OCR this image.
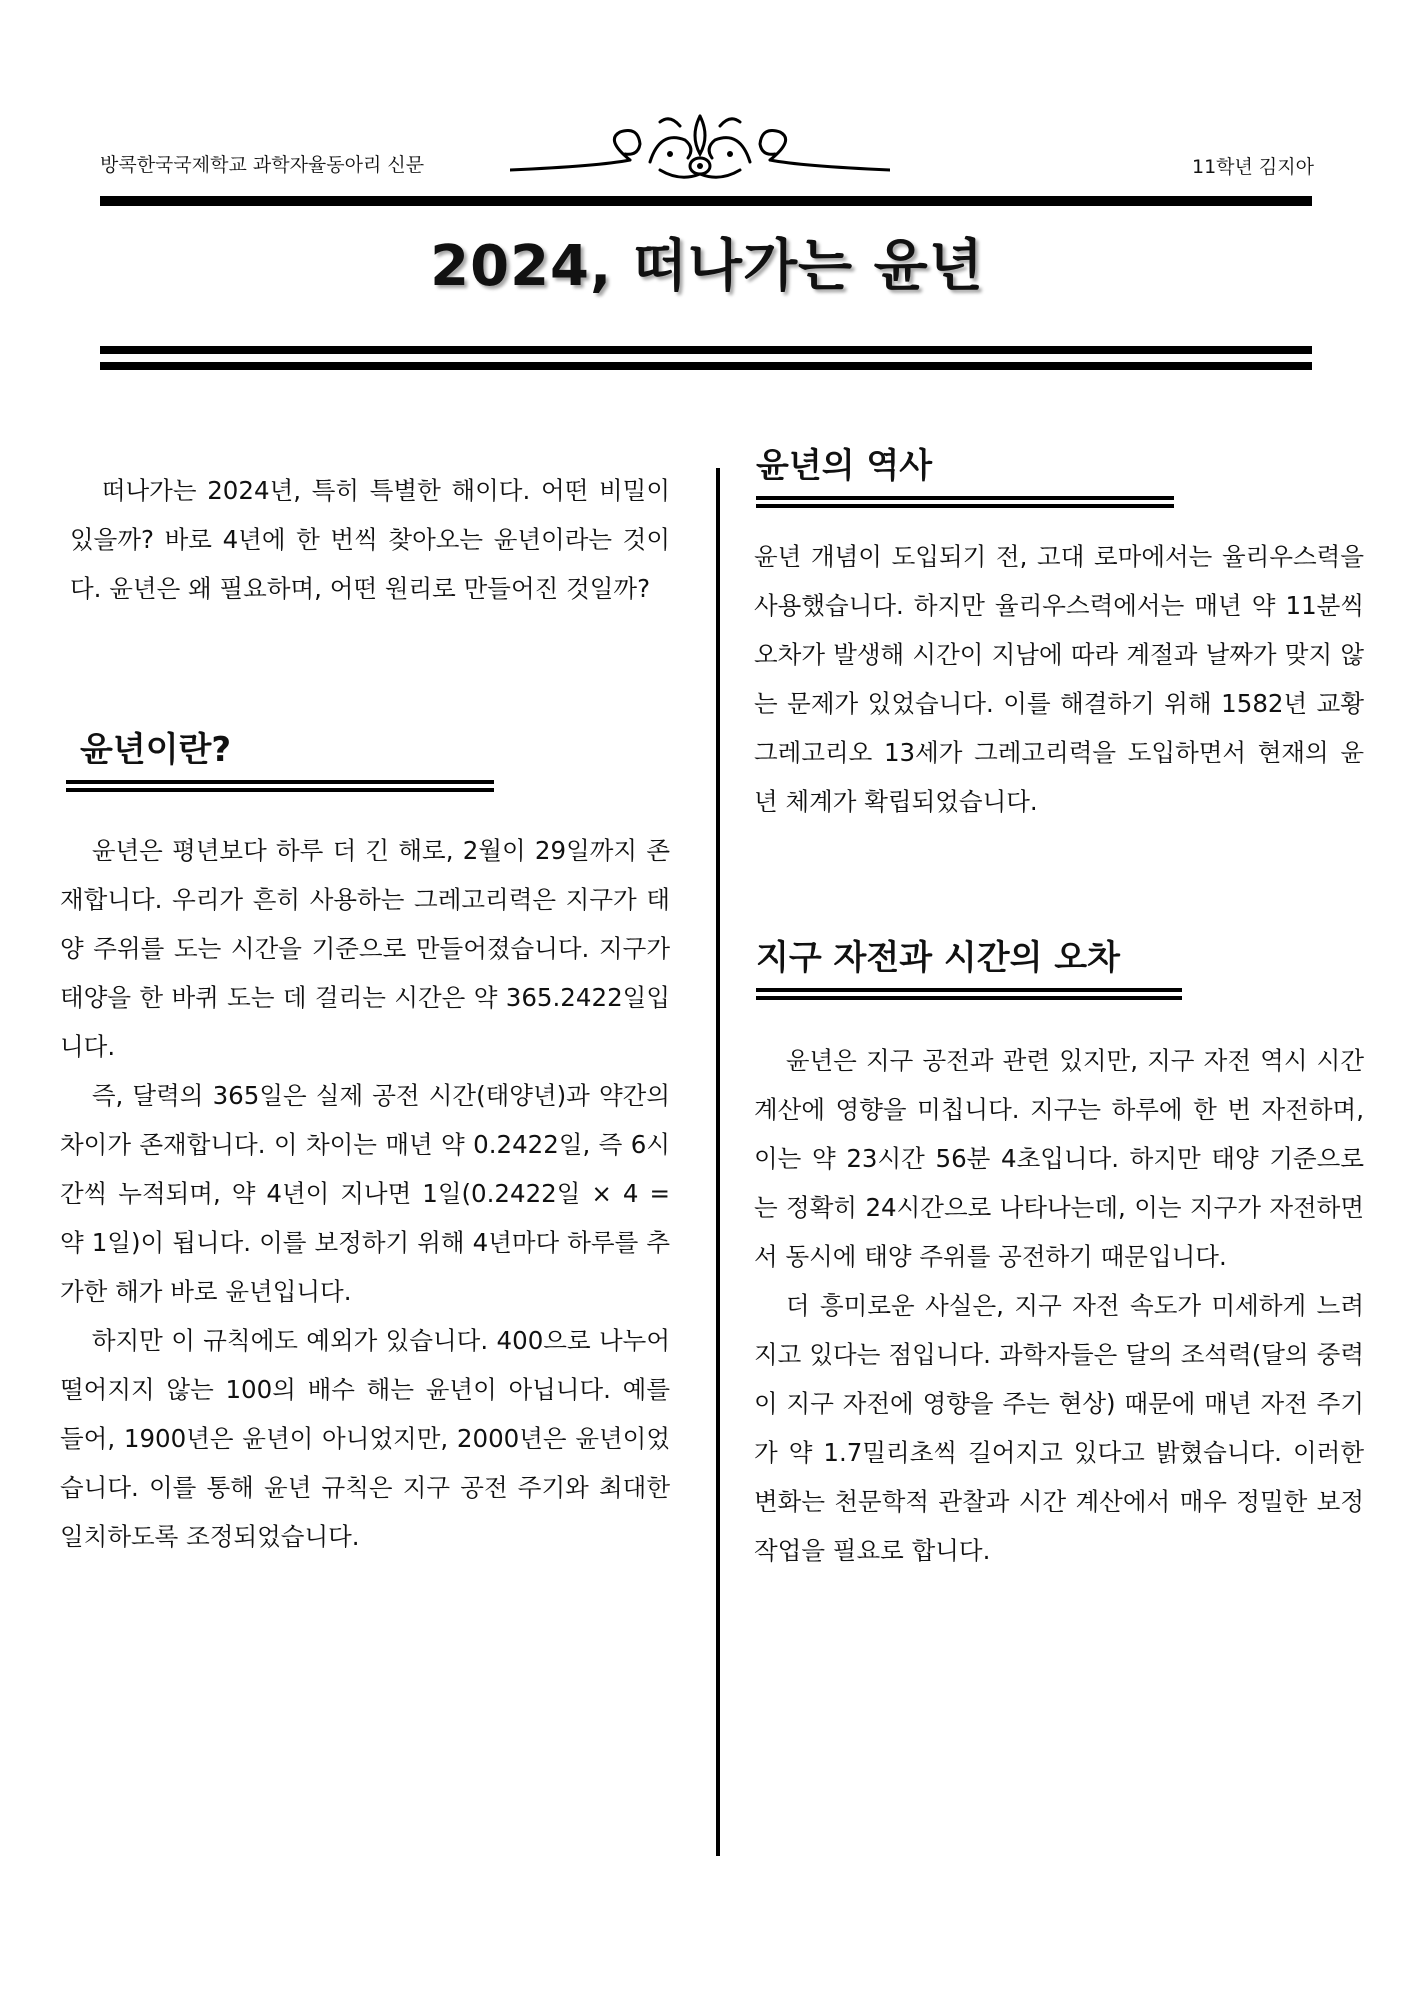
방콕한국국제학교 과학자율동아리 신문	11학년 김지아
2024, 떠나가는 윤년

떠나가는 2024년, 특히 특별한 해이다. 어떤 비밀이 있을까? 바로 4년에 한 번씩 찾아오는 윤년이라는 것이다. 윤년은 왜 필요하며, 어떤 원리로 만들어진 것일까?

윤년이란?

윤년은 평년보다 하루 더 긴 해로, 2월이 29일까지 존재합니다. 우리가 흔히 사용하는 그레고리력은 지구가 태양 주위를 도는 시간을 기준으로 만들어졌습니다. 지구가 태양을 한 바퀴 도는 데 걸리는 시간은 약 365.2422일입니다.

즉, 달력의 365일은 실제 공전 시간(태양년)과 약간의 차이가 존재합니다. 이 차이는 매년 약 0.2422일, 즉 6시간씩 누적되며, 약 4년이 지나면 1일(0.2422일 × 4 = 약 1일)이 됩니다. 이를 보정하기 위해 4년마다 하루를 추가한 해가 바로 윤년입니다.

하지만 이 규칙에도 예외가 있습니다. 400으로 나누어 떨어지지 않는 100의 배수 해는 윤년이 아닙니다. 예를 들어, 1900년은 윤년이 아니었지만, 2000년은 윤년이었습니다. 이를 통해 윤년 규칙은 지구 공전 주기와 최대한 일치하도록 조정되었습니다.

윤년의 역사

윤년 개념이 도입되기 전, 고대 로마에서는 율리우스력을 사용했습니다. 하지만 율리우스력에서는 매년 약 11분씩 오차가 발생해 시간이 지남에 따라 계절과 날짜가 맞지 않는 문제가 있었습니다. 이를 해결하기 위해 1582년 교황 그레고리오 13세가 그레고리력을 도입하면서 현재의 윤년 체계가 확립되었습니다.

지구 자전과 시간의 오차

윤년은 지구 공전과 관련 있지만, 지구 자전 역시 시간 계산에 영향을 미칩니다. 지구는 하루에 한 번 자전하며, 이는 약 23시간 56분 4초입니다. 하지만 태양 기준으로는 정확히 24시간으로 나타나는데, 이는 지구가 자전하면서 동시에 태양 주위를 공전하기 때문입니다.

더 흥미로운 사실은, 지구 자전 속도가 미세하게 느려지고 있다는 점입니다. 과학자들은 달의 조석력(달의 중력이 지구 자전에 영향을 주는 현상) 때문에 매년 자전 주기가 약 1.7밀리초씩 길어지고 있다고 밝혔습니다. 이러한 변화는 천문학적 관찰과 시간 계산에서 매우 정밀한 보정 작업을 필요로 합니다.
